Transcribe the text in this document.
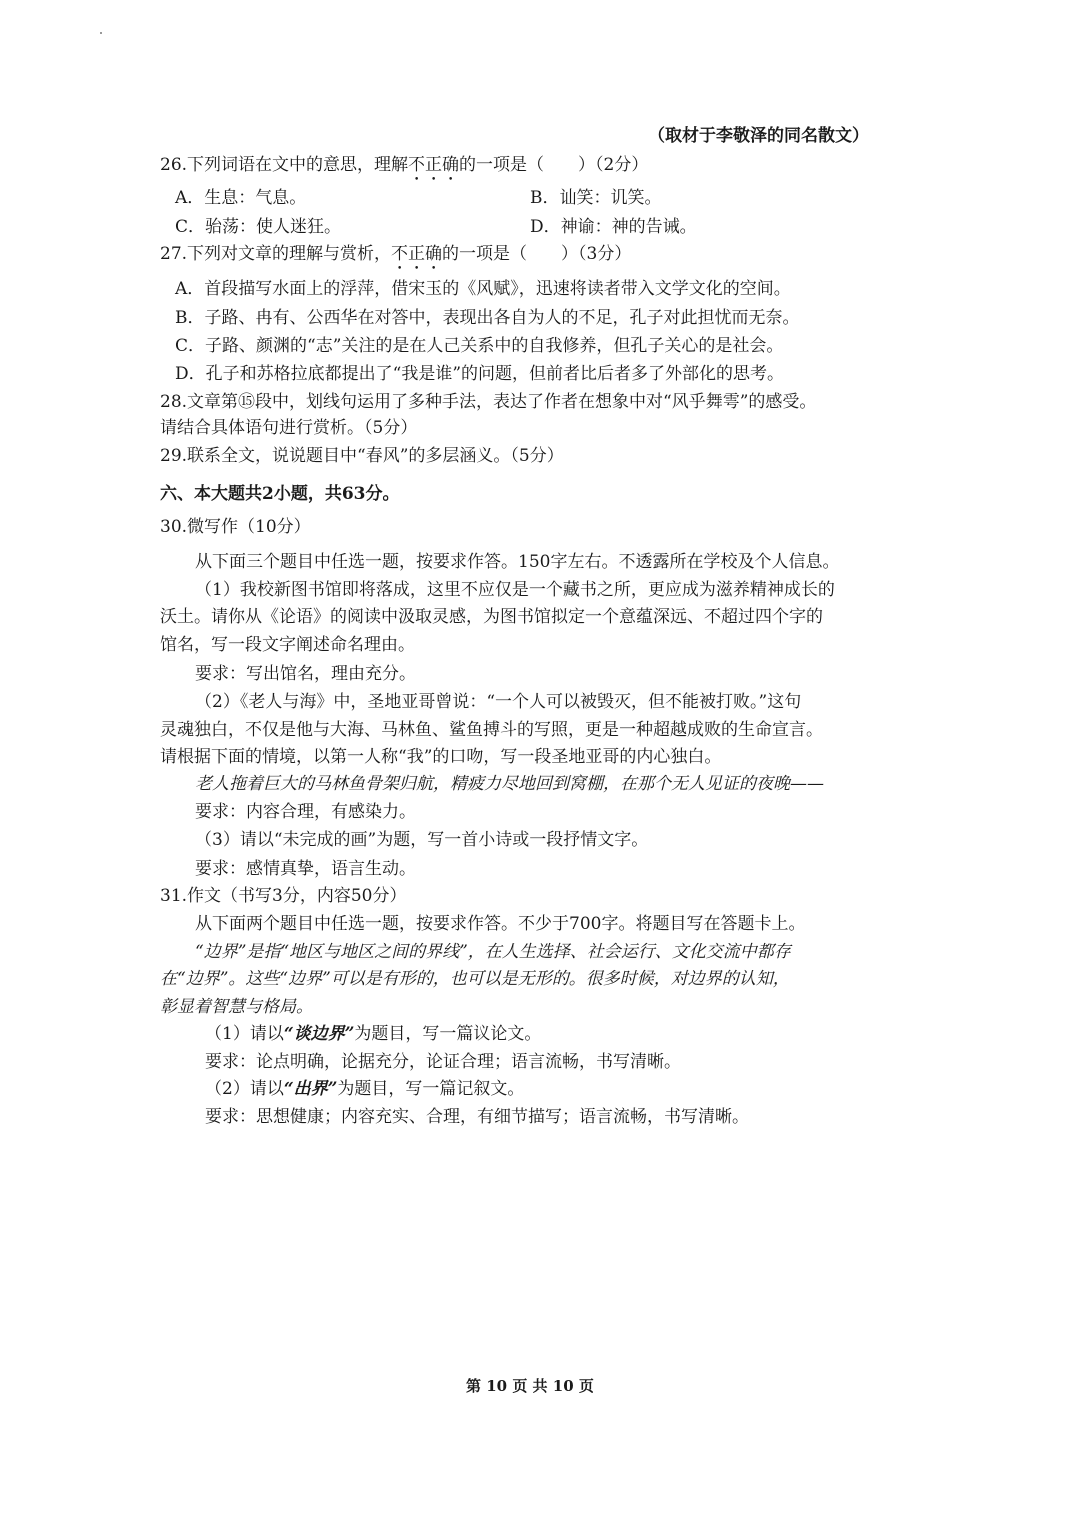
（取材于李敬泽的同名散文）
26.下列词语在文中的意思，理解不正确的一项是（　　）（2分）
A．生息：气息。	B．讪笑：讥笑。
C．骀荡：使人迷狂。	D．神谕：神的告诫。
27.下列对文章的理解与赏析，不正确的一项是（　　）（3分）
A．首段描写水面上的浮萍，借宋玉的《风赋》，迅速将读者带入文学文化的空间。
B．子路、冉有、公西华在对答中，表现出各自为人的不足，孔子对此担忧而无奈。
C．子路、颜渊的“志”关注的是在人己关系中的自我修养，但孔子关心的是社会。
D．孔子和苏格拉底都提出了“我是谁”的问题，但前者比后者多了外部化的思考。
28.文章第⑮段中，划线句运用了多种手法，表达了作者在想象中对“风乎舞雩”的感受。
请结合具体语句进行赏析。（5分）
29.联系全文，说说题目中“春风”的多层涵义。（5分）
六、本大题共2小题，共63分。
30.微写作（10分）
从下面三个题目中任选一题，按要求作答。150字左右。不透露所在学校及个人信息。
（1）我校新图书馆即将落成，这里不应仅是一个藏书之所，更应成为滋养精神成长的
沃土。请你从《论语》的阅读中汲取灵感，为图书馆拟定一个意蕴深远、不超过四个字的
馆名，写一段文字阐述命名理由。
要求：写出馆名，理由充分。
（2）《老人与海》中，圣地亚哥曾说：“一个人可以被毁灭，但不能被打败。”这句
灵魂独白，不仅是他与大海、马林鱼、鲨鱼搏斗的写照，更是一种超越成败的生命宣言。
请根据下面的情境，以第一人称“我”的口吻，写一段圣地亚哥的内心独白。
老人拖着巨大的马林鱼骨架归航，精疲力尽地回到窝棚，在那个无人见证的夜晚——
要求：内容合理，有感染力。
（3）请以“未完成的画”为题，写一首小诗或一段抒情文字。
要求：感情真挚，语言生动。
31.作文（书写3分，内容50分）
从下面两个题目中任选一题，按要求作答。不少于700字。将题目写在答题卡上。
“边界”是指“地区与地区之间的界线”，在人生选择、社会运行、文化交流中都存
在“边界”。这些“边界”可以是有形的，也可以是无形的。很多时候，对边界的认知，
彰显着智慧与格局。
（1）请以“谈边界”为题目，写一篇议论文。
要求：论点明确，论据充分，论证合理；语言流畅，书写清晰。
（2）请以“出界”为题目，写一篇记叙文。
要求：思想健康；内容充实、合理，有细节描写；语言流畅，书写清晰。
第 10 页 共 10 页
